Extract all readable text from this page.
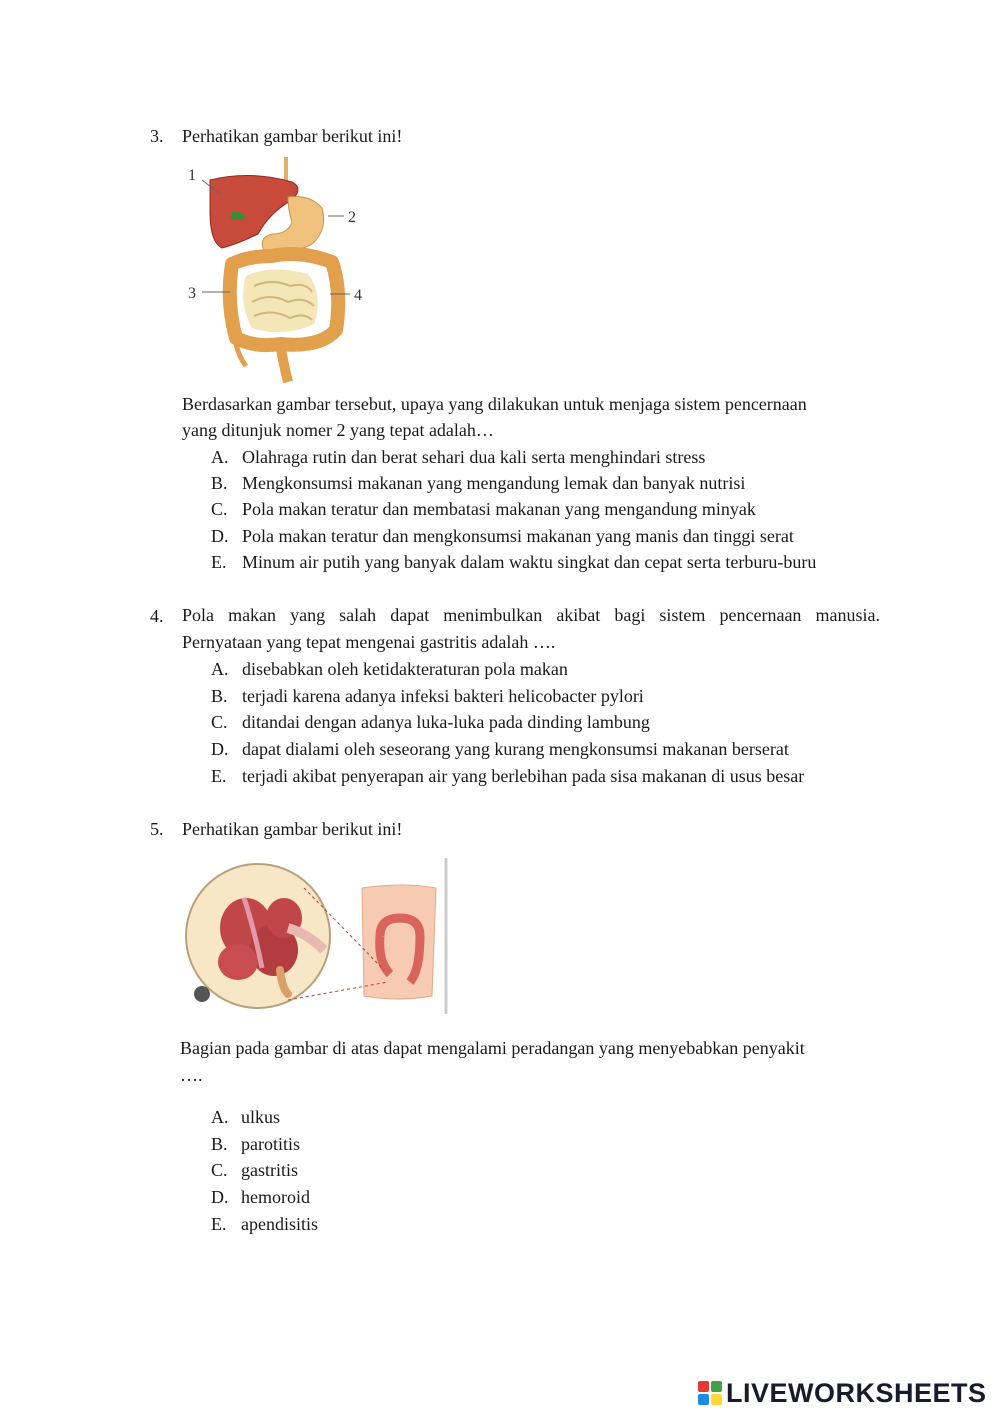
3. Perhatikan gambar berikut ini!
1
2
3	4
Berdasarkan gambar tersebut, upaya yang dilakukan untuk menjaga sistem pencernaan
yang ditunjuk nomer 2 yang tepat adalah…
A. Olahraga rutin dan berat sehari dua kali serta menghindari stress
B. Mengkonsumsi makanan yang mengandung lemak dan banyak nutrisi
C. Pola makan teratur dan membatasi makanan yang mengandung minyak
D. Pola makan teratur dan mengkonsumsi makanan yang manis dan tinggi serat
E. Minum air putih yang banyak dalam waktu singkat dan cepat serta terburu-buru
4. Pola makan yang salah dapat menimbulkan akibat bagi sistem pencernaan manusia.
Pernyataan yang tepat mengenai gastritis adalah ….
A. disebabkan oleh ketidakteraturan pola makan
B. terjadi karena adanya infeksi bakteri helicobacter pylori
C. ditandai dengan adanya luka-luka pada dinding lambung
D. dapat dialami oleh seseorang yang kurang mengkonsumsi makanan berserat
E. terjadi akibat penyerapan air yang berlebihan pada sisa makanan di usus besar
5. Perhatikan gambar berikut ini!
Bagian pada gambar di atas dapat mengalami peradangan yang menyebabkan penyakit
….
A. ulkus
B. parotitis
C. gastritis
D. hemoroid
E. apendisitis
LIVEWORKSHEETS
